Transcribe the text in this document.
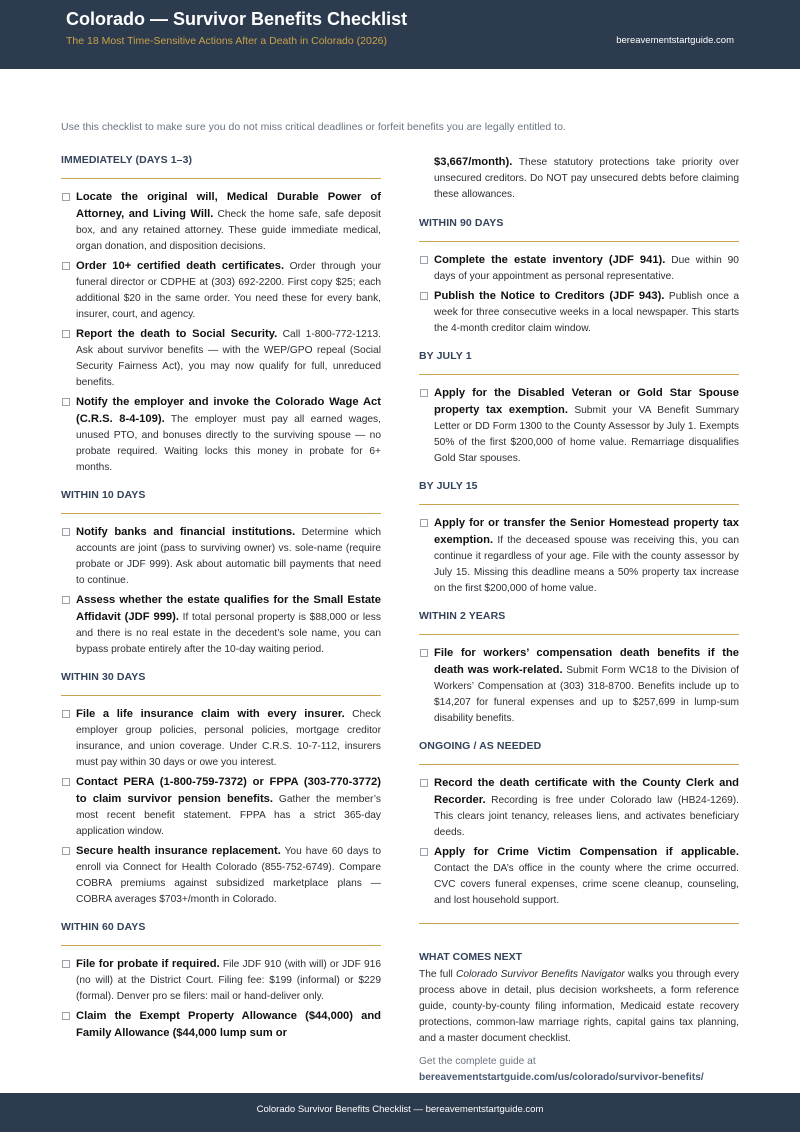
Colorado — Survivor Benefits Checklist
The 18 Most Time-Sensitive Actions After a Death in Colorado (2026)	bereavementstartguide.com
Use this checklist to make sure you do not miss critical deadlines or forfeit benefits you are legally entitled to.
IMMEDIATELY (DAYS 1–3)
Locate the original will, Medical Durable Power of Attorney, and Living Will. Check the home safe, safe deposit box, and any retained attorney. These guide immediate medical, organ donation, and disposition decisions.
Order 10+ certified death certificates. Order through your funeral director or CDPHE at (303) 692-2200. First copy $25; each additional $20 in the same order. You need these for every bank, insurer, court, and agency.
Report the death to Social Security. Call 1-800-772-1213. Ask about survivor benefits — with the WEP/GPO repeal (Social Security Fairness Act), you may now qualify for full, unreduced benefits.
Notify the employer and invoke the Colorado Wage Act (C.R.S. 8-4-109). The employer must pay all earned wages, unused PTO, and bonuses directly to the surviving spouse — no probate required. Waiting locks this money in probate for 6+ months.
WITHIN 10 DAYS
Notify banks and financial institutions. Determine which accounts are joint (pass to surviving owner) vs. sole-name (require probate or JDF 999). Ask about automatic bill payments that need to continue.
Assess whether the estate qualifies for the Small Estate Affidavit (JDF 999). If total personal property is $88,000 or less and there is no real estate in the decedent’s sole name, you can bypass probate entirely after the 10-day waiting period.
WITHIN 30 DAYS
File a life insurance claim with every insurer. Check employer group policies, personal policies, mortgage creditor insurance, and union coverage. Under C.R.S. 10-7-112, insurers must pay within 30 days or owe you interest.
Contact PERA (1-800-759-7372) or FPPA (303-770-3772) to claim survivor pension benefits. Gather the member’s most recent benefit statement. FPPA has a strict 365-day application window.
Secure health insurance replacement. You have 60 days to enroll via Connect for Health Colorado (855-752-6749). Compare COBRA premiums against subsidized marketplace plans — COBRA averages $703+/month in Colorado.
WITHIN 60 DAYS
File for probate if required. File JDF 910 (with will) or JDF 916 (no will) at the District Court. Filing fee: $199 (informal) or $229 (formal). Denver pro se filers: mail or hand-deliver only.
Claim the Exempt Property Allowance ($44,000) and Family Allowance ($44,000 lump sum or
$3,667/month). These statutory protections take priority over unsecured creditors. Do NOT pay unsecured debts before claiming these allowances.
WITHIN 90 DAYS
Complete the estate inventory (JDF 941). Due within 90 days of your appointment as personal representative.
Publish the Notice to Creditors (JDF 943). Publish once a week for three consecutive weeks in a local newspaper. This starts the 4-month creditor claim window.
BY JULY 1
Apply for the Disabled Veteran or Gold Star Spouse property tax exemption. Submit your VA Benefit Summary Letter or DD Form 1300 to the County Assessor by July 1. Exempts 50% of the first $200,000 of home value. Remarriage disqualifies Gold Star spouses.
BY JULY 15
Apply for or transfer the Senior Homestead property tax exemption. If the deceased spouse was receiving this, you can continue it regardless of your age. File with the county assessor by July 15. Missing this deadline means a 50% property tax increase on the first $200,000 of home value.
WITHIN 2 YEARS
File for workers’ compensation death benefits if the death was work-related. Submit Form WC18 to the Division of Workers’ Compensation at (303) 318-8700. Benefits include up to $14,207 for funeral expenses and up to $257,699 in lump-sum disability benefits.
ONGOING / AS NEEDED
Record the death certificate with the County Clerk and Recorder. Recording is free under Colorado law (HB24-1269). This clears joint tenancy, releases liens, and activates beneficiary deeds.
Apply for Crime Victim Compensation if applicable. Contact the DA’s office in the county where the crime occurred. CVC covers funeral expenses, crime scene cleanup, counseling, and lost household support.
WHAT COMES NEXT
The full Colorado Survivor Benefits Navigator walks you through every process above in detail, plus decision worksheets, a form reference guide, county-by-county filing information, Medicaid estate recovery protections, common-law marriage rights, capital gains tax planning, and a master document checklist.
Get the complete guide at
bereavementstartguide.com/us/colorado/survivor-benefits/
Colorado Survivor Benefits Checklist — bereavementstartguide.com
